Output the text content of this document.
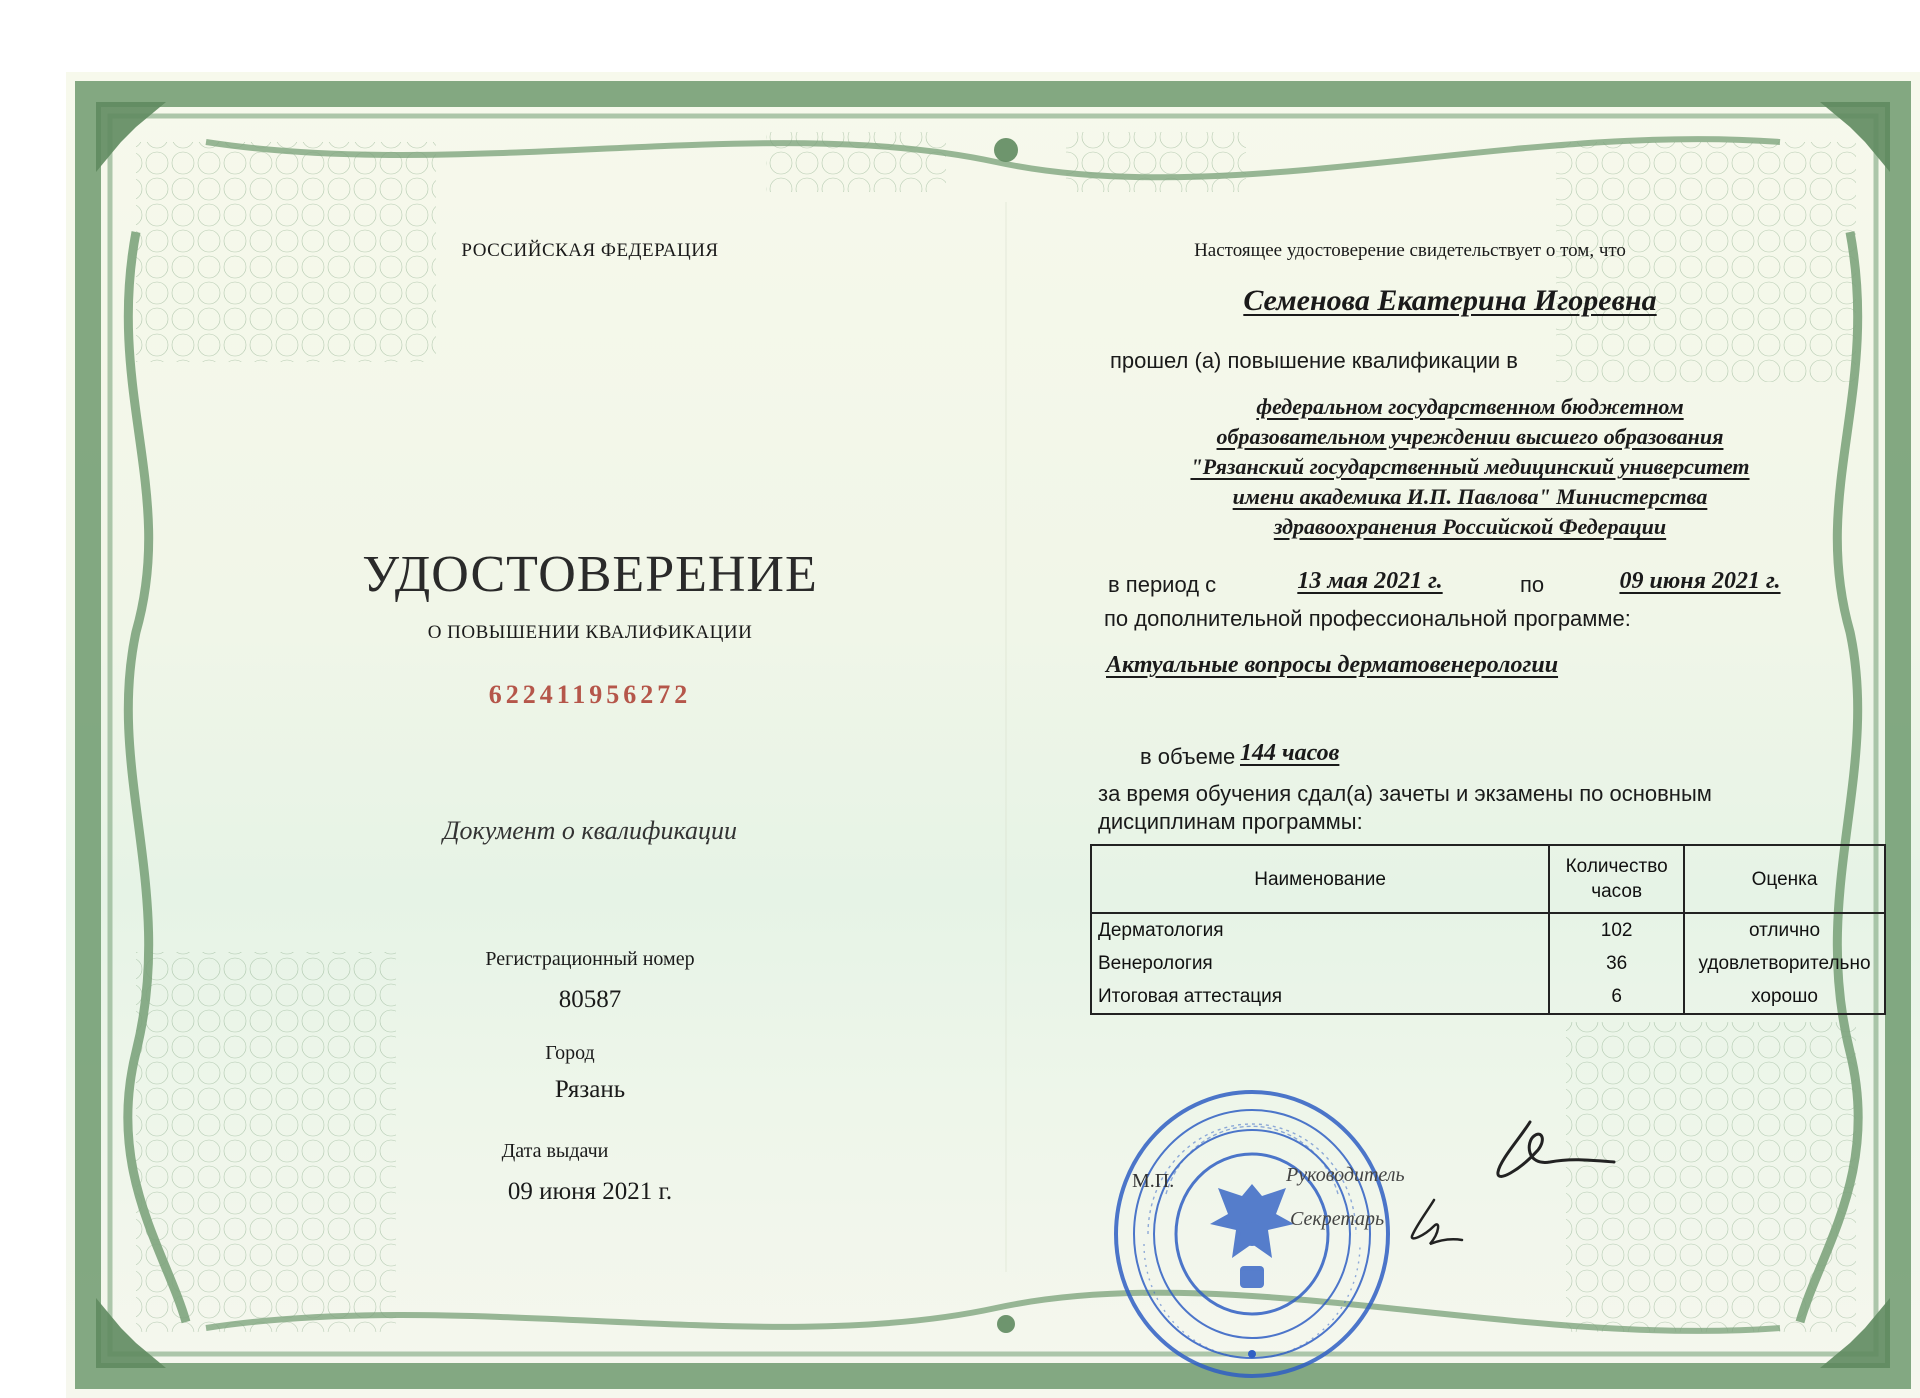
РОССИЙСКАЯ ФЕДЕРАЦИЯ
УДОСТОВЕРЕНИЕ
О ПОВЫШЕНИИ КВАЛИФИКАЦИИ
622411956272
Документ о квалификации
Регистрационный номер
80587
Город
Рязань
Дата выдачи
09 июня 2021 г.
Настоящее удостоверение свидетельствует о том, что
Семенова Екатерина Игоревна
прошел (а) повышение квалификации в
федеральном государственном бюджетном
образовательном учреждении высшего образования
"Рязанский государственный медицинский университет
имени академика И.П. Павлова" Министерства
здравоохранения Российской Федерации
в период с	13 мая 2021 г.	по	09 июня 2021 г.
по дополнительной профессиональной программе:
Актуальные вопросы дерматовенерологии
в объеме 144 часов
за время обучения сдал(а) зачеты и экзамены по основным
дисциплинам программы:
Наименование	Количество часов	Оценка
Дерматология	102	отлично
Венерология	36	удовлетворительно
Итоговая аттестация	6	хорошо
М.П.	Руководитель
Секретарь
